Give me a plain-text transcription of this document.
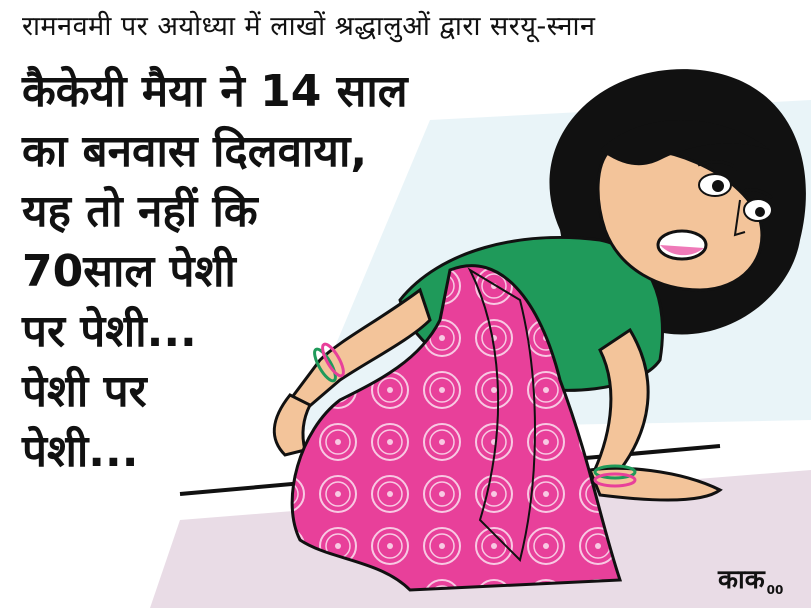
रामनवमी पर अयोध्या में लाखों श्रद्धालुओं द्वारा सरयू-स्नान
कैकेयी मैया ने 14 साल
का बनवास दिलवाया,
यह तो नहीं कि
70साल पेशी
पर पेशी...
पेशी पर
पेशी...
काक $_{00}$
